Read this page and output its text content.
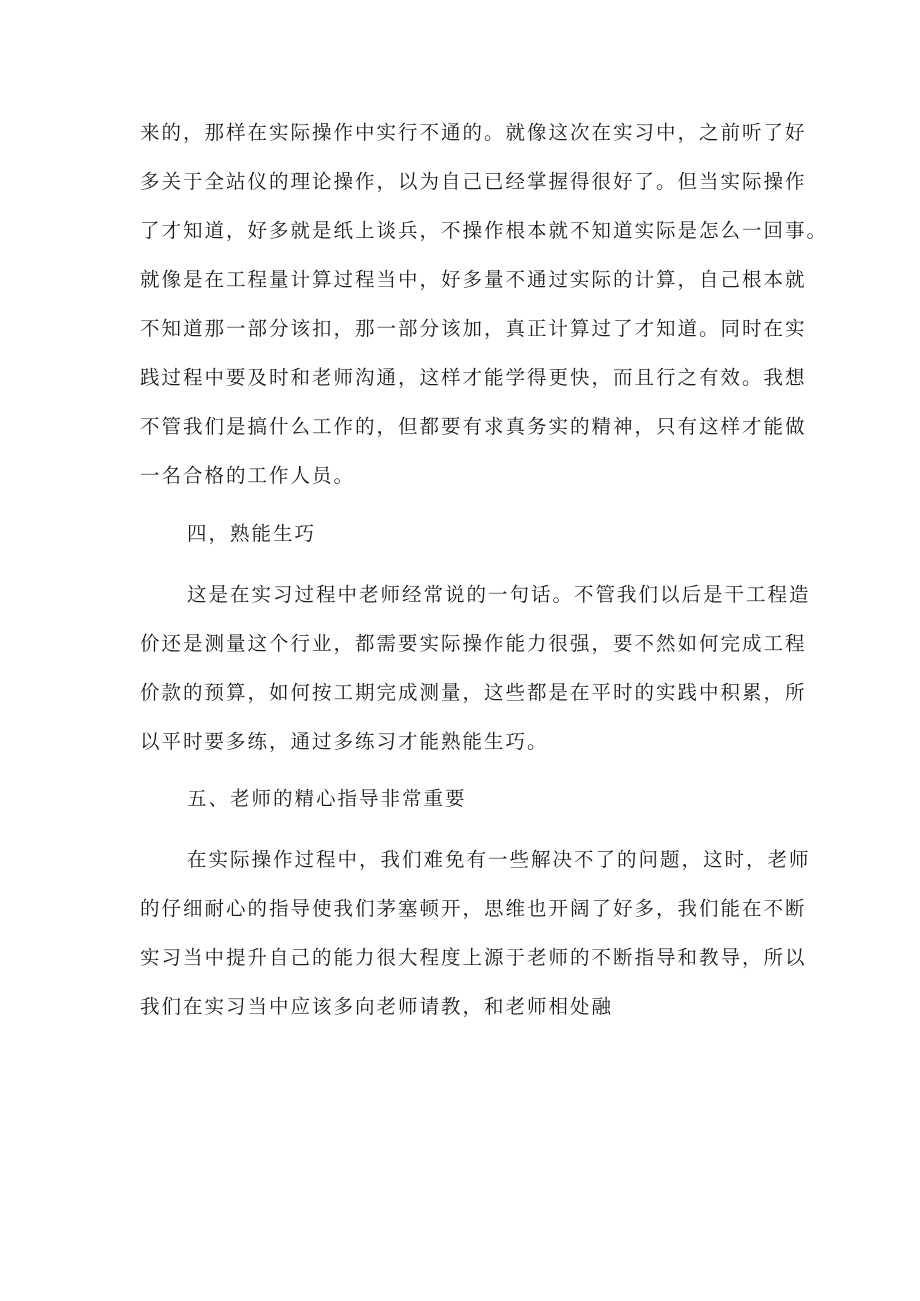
来的，那样在实际操作中实行不通的。就像这次在实习中，之前听了好
多关于全站仪的理论操作，以为自己已经掌握得很好了。但当实际操作
了才知道，好多就是纸上谈兵，不操作根本就不知道实际是怎么一回事。
就像是在工程量计算过程当中，好多量不通过实际的计算，自己根本就
不知道那一部分该扣，那一部分该加，真正计算过了才知道。同时在实
践过程中要及时和老师沟通，这样才能学得更快，而且行之有效。我想
不管我们是搞什么工作的，但都要有求真务实的精神，只有这样才能做
一名合格的工作人员。
四，熟能生巧
这是在实习过程中老师经常说的一句话。不管我们以后是干工程造
价还是测量这个行业，都需要实际操作能力很强，要不然如何完成工程
价款的预算，如何按工期完成测量，这些都是在平时的实践中积累，所
以平时要多练，通过多练习才能熟能生巧。
五、老师的精心指导非常重要
在实际操作过程中，我们难免有一些解决不了的问题，这时，老师
的仔细耐心的指导使我们茅塞顿开，思维也开阔了好多，我们能在不断
实习当中提升自己的能力很大程度上源于老师的不断指导和教导，所以
我们在实习当中应该多向老师请教，和老师相处融
